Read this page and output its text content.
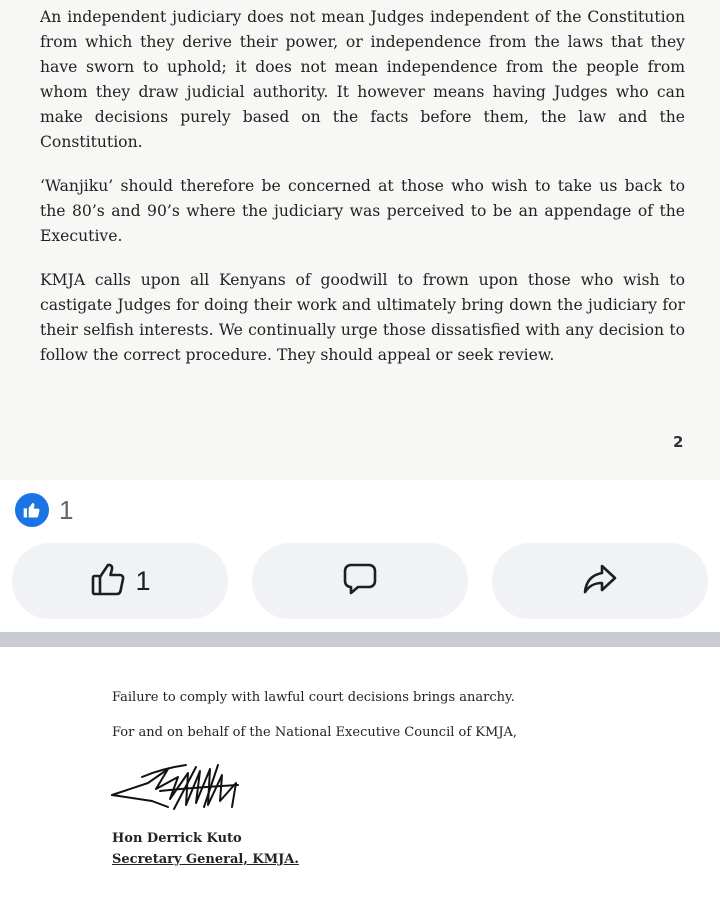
An independent judiciary does not mean Judges independent of the Constitution from which they derive their power, or independence from the laws that they have sworn to uphold; it does not mean independence from the people from whom they draw judicial authority. It however means having Judges who can make decisions purely based on the facts before them, the law and the Constitution.

‘Wanjiku’ should therefore be concerned at those who wish to take us back to the 80’s and 90’s where the judiciary was perceived to be an appendage of the Executive.

KMJA calls upon all Kenyans of goodwill to frown upon those who wish to castigate Judges for doing their work and ultimately bring down the judiciary for their selfish interests. We continually urge those dissatisfied with any decision to follow the correct procedure. They should appeal or seek review.

2
1
1

Failure to comply with lawful court decisions brings anarchy.

For and on behalf of the National Executive Council of KMJA,

Hon Derrick Kuto

Secretary General, KMJA.
